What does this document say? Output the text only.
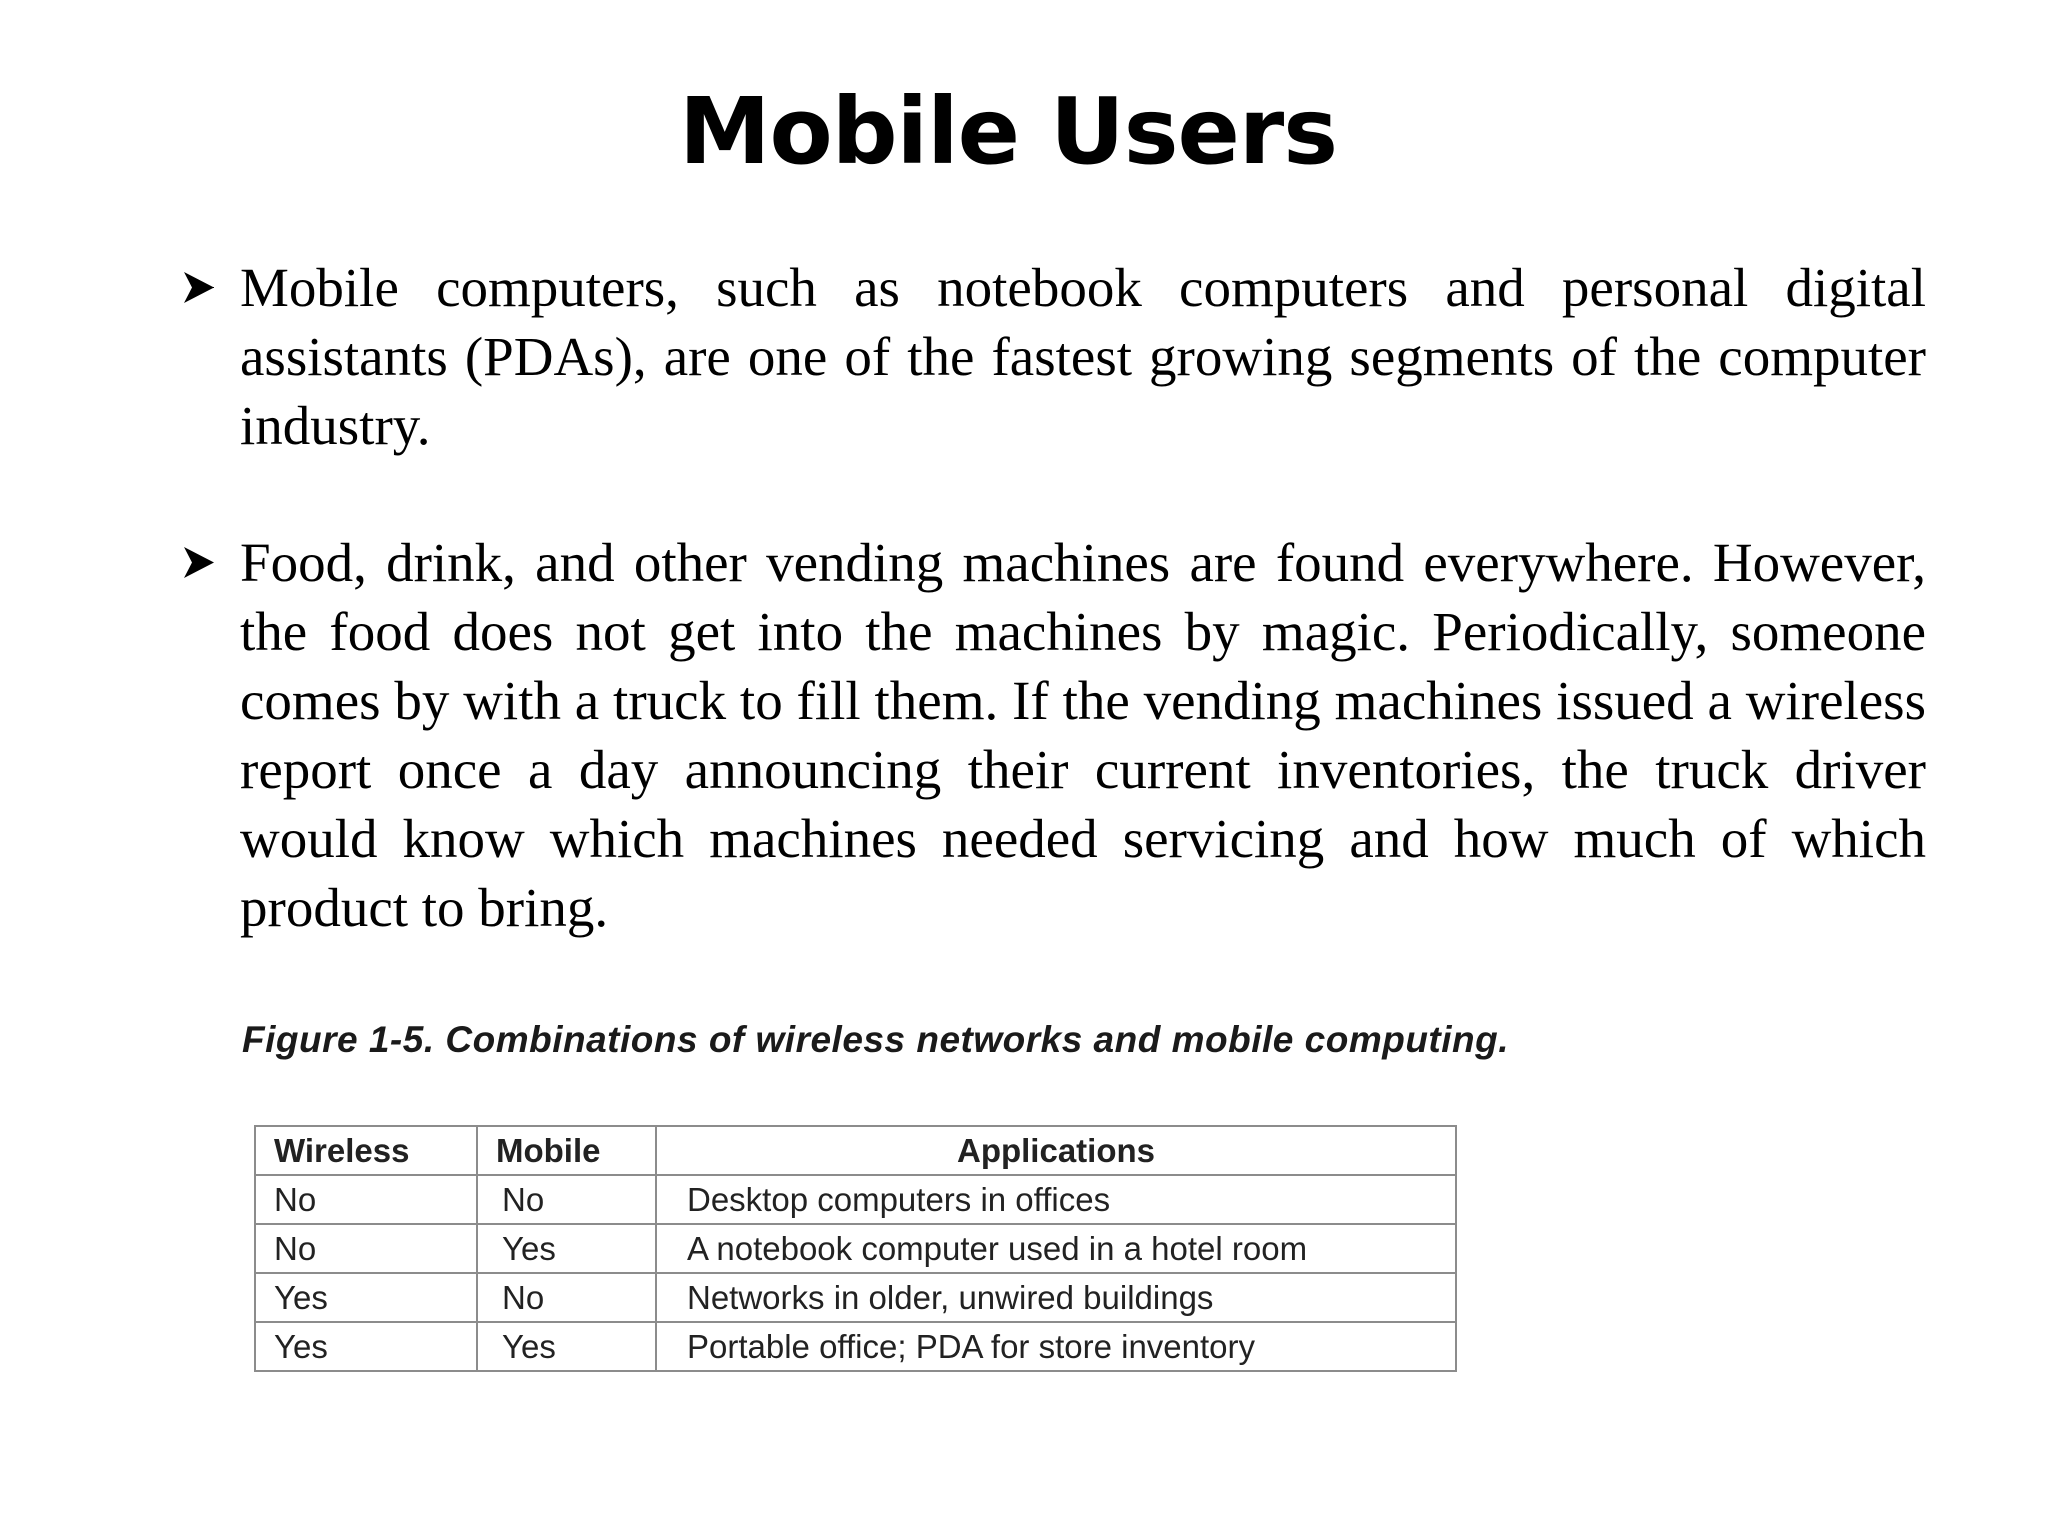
Mobile Users
Mobile computers, such as notebook computers and personal digital assistants (PDAs), are one of the fastest growing segments of the computer industry.
Food, drink, and other vending machines are found everywhere. However, the food does not get into the machines by magic. Periodically, someone comes by with a truck to fill them. If the vending machines issued a wireless report once a day announcing their current inventories, the truck driver would know which machines needed servicing and how much of which product to bring.
Figure 1-5. Combinations of wireless networks and mobile computing.
Wireless	Mobile	Applications
No	No	Desktop computers in offices
No	Yes	A notebook computer used in a hotel room
Yes	No	Networks in older, unwired buildings
Yes	Yes	Portable office; PDA for store inventory
